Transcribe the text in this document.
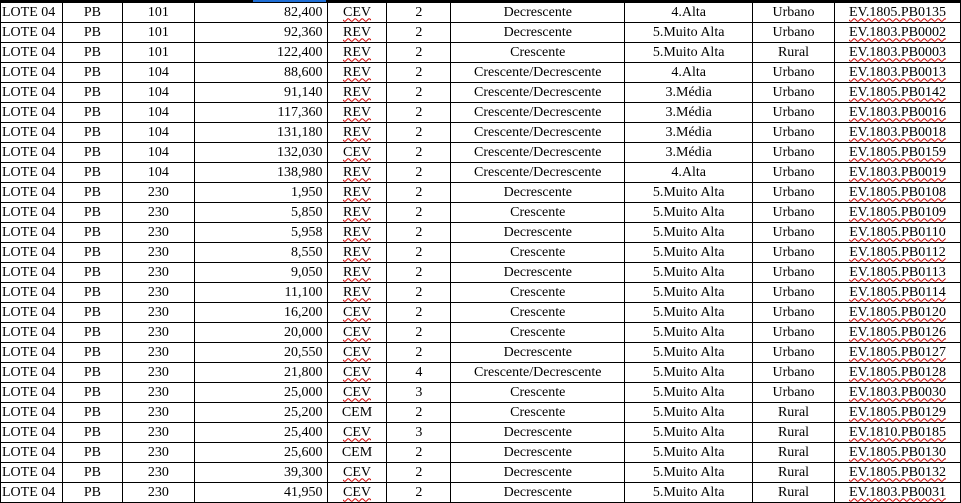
LOTE 04	PB	101	82,400	CEV	2	Decrescente	4.Alta	Urbano	EV.1805.PB0135
LOTE 04	PB	101	92,360	REV	2	Decrescente	5.Muito Alta	Urbano	EV.1803.PB0002
LOTE 04	PB	101	122,400	REV	2	Crescente	5.Muito Alta	Rural	EV.1803.PB0003
LOTE 04	PB	104	88,600	REV	2	Crescente/Decrescente	4.Alta	Urbano	EV.1803.PB0013
LOTE 04	PB	104	91,140	REV	2	Crescente/Decrescente	3.Média	Urbano	EV.1805.PB0142
LOTE 04	PB	104	117,360	REV	2	Crescente/Decrescente	3.Média	Urbano	EV.1803.PB0016
LOTE 04	PB	104	131,180	REV	2	Crescente/Decrescente	3.Média	Urbano	EV.1803.PB0018
LOTE 04	PB	104	132,030	CEV	2	Crescente/Decrescente	3.Média	Urbano	EV.1805.PB0159
LOTE 04	PB	104	138,980	REV	2	Crescente/Decrescente	4.Alta	Urbano	EV.1803.PB0019
LOTE 04	PB	230	1,950	REV	2	Decrescente	5.Muito Alta	Urbano	EV.1805.PB0108
LOTE 04	PB	230	5,850	REV	2	Crescente	5.Muito Alta	Urbano	EV.1805.PB0109
LOTE 04	PB	230	5,958	REV	2	Decrescente	5.Muito Alta	Urbano	EV.1805.PB0110
LOTE 04	PB	230	8,550	REV	2	Crescente	5.Muito Alta	Urbano	EV.1805.PB0112
LOTE 04	PB	230	9,050	REV	2	Decrescente	5.Muito Alta	Urbano	EV.1805.PB0113
LOTE 04	PB	230	11,100	REV	2	Crescente	5.Muito Alta	Urbano	EV.1805.PB0114
LOTE 04	PB	230	16,200	CEV	2	Crescente	5.Muito Alta	Urbano	EV.1805.PB0120
LOTE 04	PB	230	20,000	CEV	2	Crescente	5.Muito Alta	Urbano	EV.1805.PB0126
LOTE 04	PB	230	20,550	CEV	2	Decrescente	5.Muito Alta	Urbano	EV.1805.PB0127
LOTE 04	PB	230	21,800	CEV	4	Crescente/Decrescente	5.Muito Alta	Urbano	EV.1805.PB0128
LOTE 04	PB	230	25,000	CEV	3	Crescente	5.Muito Alta	Urbano	EV.1803.PB0030
LOTE 04	PB	230	25,200	CEM	2	Crescente	5.Muito Alta	Rural	EV.1805.PB0129
LOTE 04	PB	230	25,400	CEV	3	Decrescente	5.Muito Alta	Rural	EV.1810.PB0185
LOTE 04	PB	230	25,600	CEM	2	Decrescente	5.Muito Alta	Rural	EV.1805.PB0130
LOTE 04	PB	230	39,300	CEV	2	Decrescente	5.Muito Alta	Rural	EV.1805.PB0132
LOTE 04	PB	230	41,950	CEV	2	Decrescente	5.Muito Alta	Rural	EV.1803.PB0031
